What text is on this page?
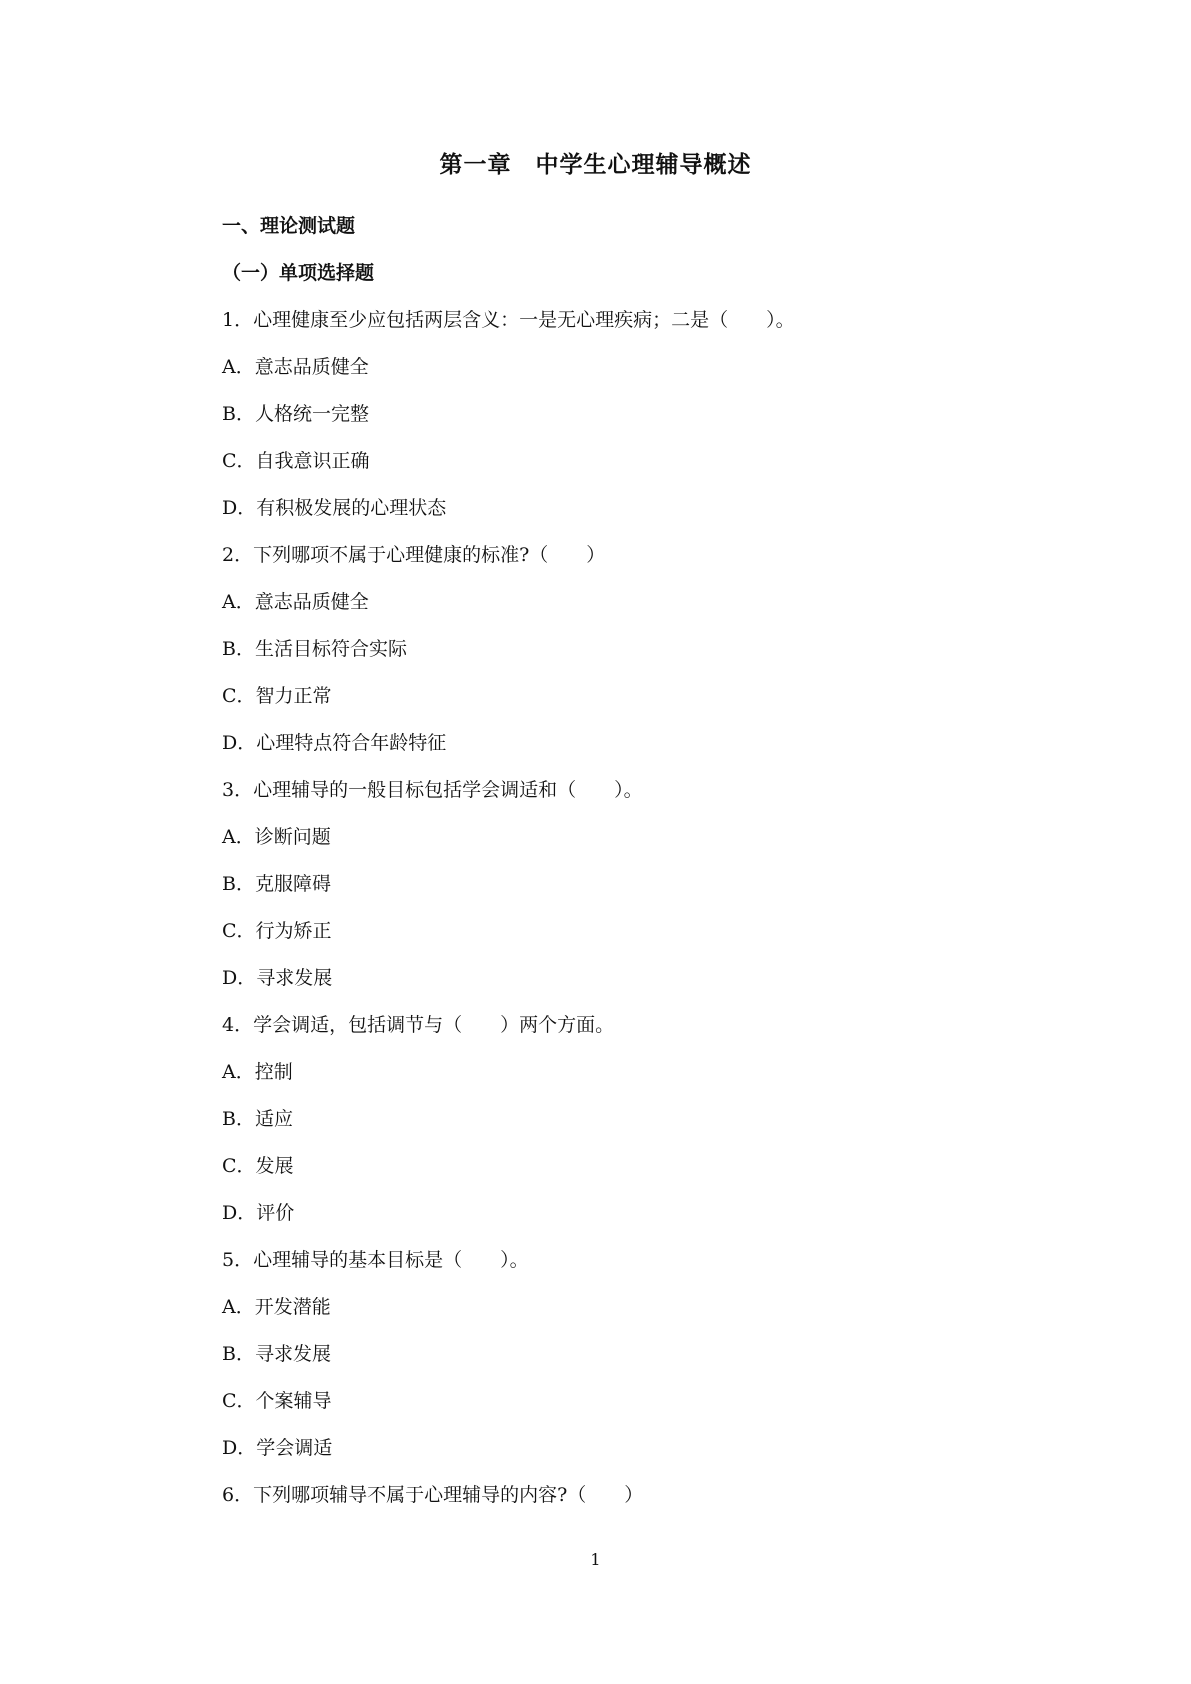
第一章　中学生心理辅导概述
一、理论测试题
（一）单项选择题
1．心理健康至少应包括两层含义：一是无心理疾病；二是（　　）。
A．意志品质健全
B．人格统一完整
C．自我意识正确
D．有积极发展的心理状态
2．下列哪项不属于心理健康的标准?（　　）
A．意志品质健全
B．生活目标符合实际
C．智力正常
D．心理特点符合年龄特征
3．心理辅导的一般目标包括学会调适和（　　）。
A．诊断问题
B．克服障碍
C．行为矫正
D．寻求发展
4．学会调适，包括调节与（　　）两个方面。
A．控制
B．适应
C．发展
D．评价
5．心理辅导的基本目标是（　　）。
A．开发潜能
B．寻求发展
C．个案辅导
D．学会调适
6．下列哪项辅导不属于心理辅导的内容?（　　）
1
